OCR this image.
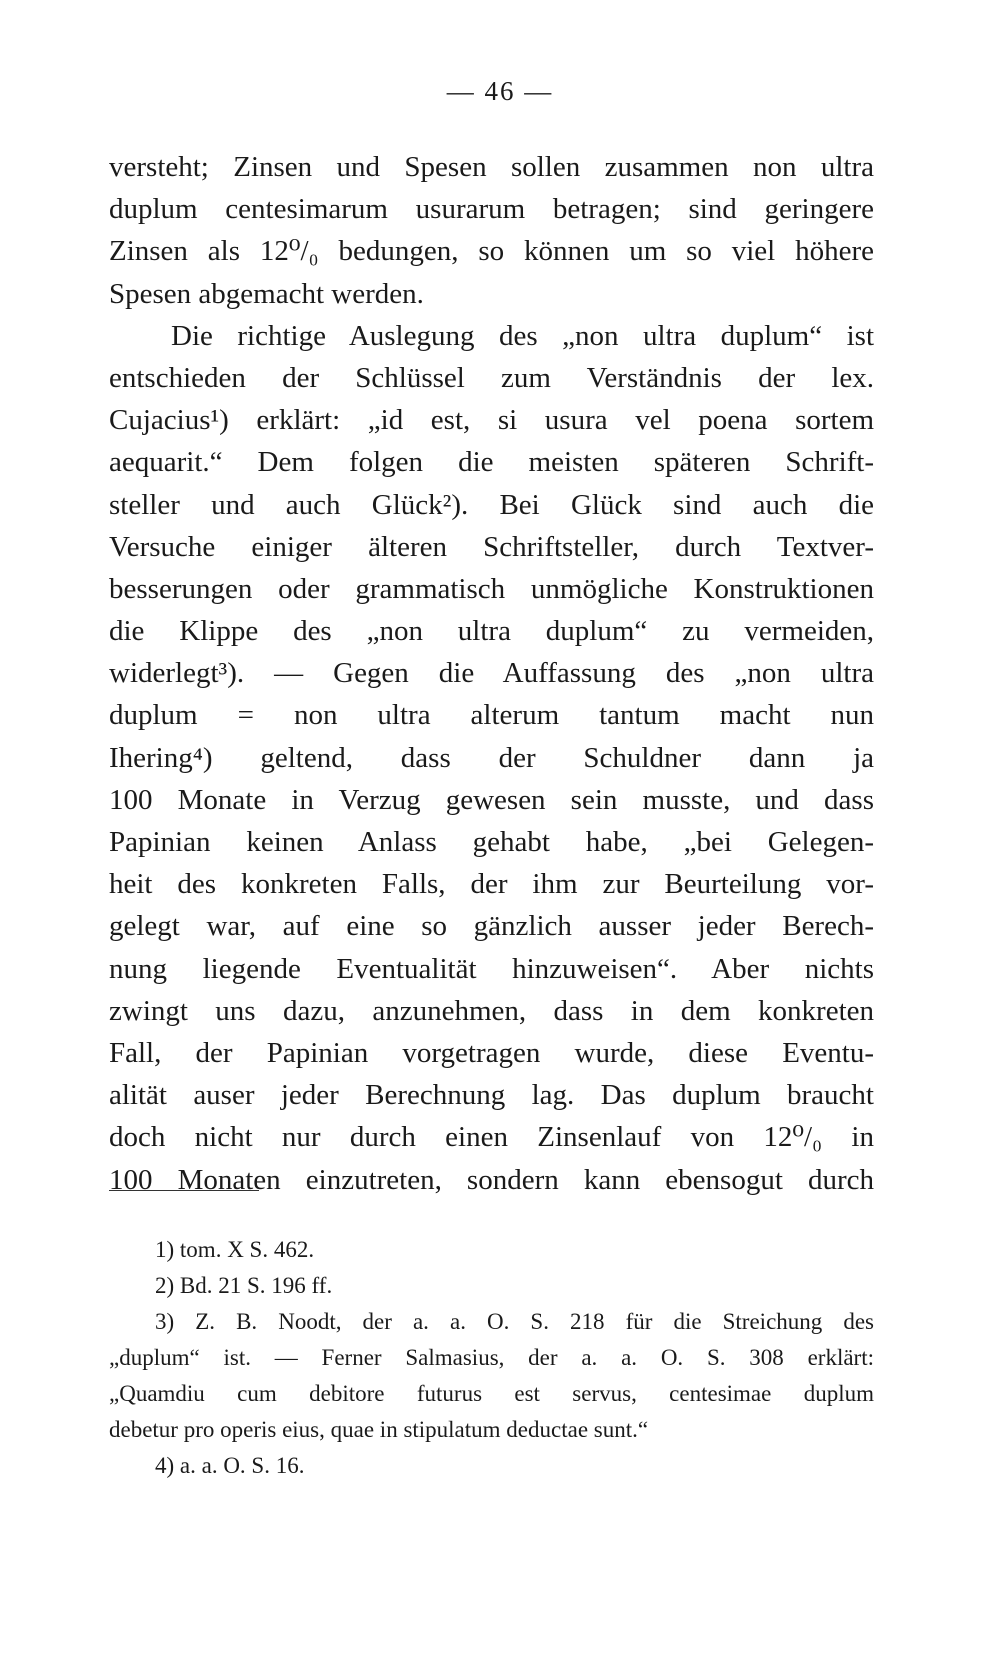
— 46 —
versteht; Zinsen und Spesen sollen zusammen non ultra
duplum centesimarum usurarum betragen; sind geringere
Zinsen als 12⁰/₀ bedungen, so können um so viel höhere
Spesen abgemacht werden.
Die richtige Auslegung des „non ultra duplum“ ist
entschieden der Schlüssel zum Verständnis der lex.
Cujacius¹) erklärt: „id est, si usura vel poena sortem
aequarit.“ Dem folgen die meisten späteren Schrift-
steller und auch Glück²). Bei Glück sind auch die
Versuche einiger älteren Schriftsteller, durch Textver-
besserungen oder grammatisch unmögliche Konstruktionen
die Klippe des „non ultra duplum“ zu vermeiden,
widerlegt³). — Gegen die Auffassung des „non ultra
duplum = non ultra alterum tantum macht nun
Ihering⁴) geltend, dass der Schuldner dann ja
100 Monate in Verzug gewesen sein musste, und dass
Papinian keinen Anlass gehabt habe, „bei Gelegen-
heit des konkreten Falls, der ihm zur Beurteilung vor-
gelegt war, auf eine so gänzlich ausser jeder Berech-
nung liegende Eventualität hinzuweisen“. Aber nichts
zwingt uns dazu, anzunehmen, dass in dem konkreten
Fall, der Papinian vorgetragen wurde, diese Eventu-
alität auser jeder Berechnung lag. Das duplum braucht
doch nicht nur durch einen Zinsenlauf von 12⁰/₀ in
100 Monaten einzutreten, sondern kann ebensogut durch
1) tom. X S. 462.
2) Bd. 21 S. 196 ff.
3) Z. B. Noodt, der a. a. O. S. 218 für die Streichung des
„duplum“ ist. — Ferner Salmasius, der a. a. O. S. 308 erklärt:
„Quamdiu cum debitore futurus est servus, centesimae duplum
debetur pro operis eius, quae in stipulatum deductae sunt.“
4) a. a. O. S. 16.
